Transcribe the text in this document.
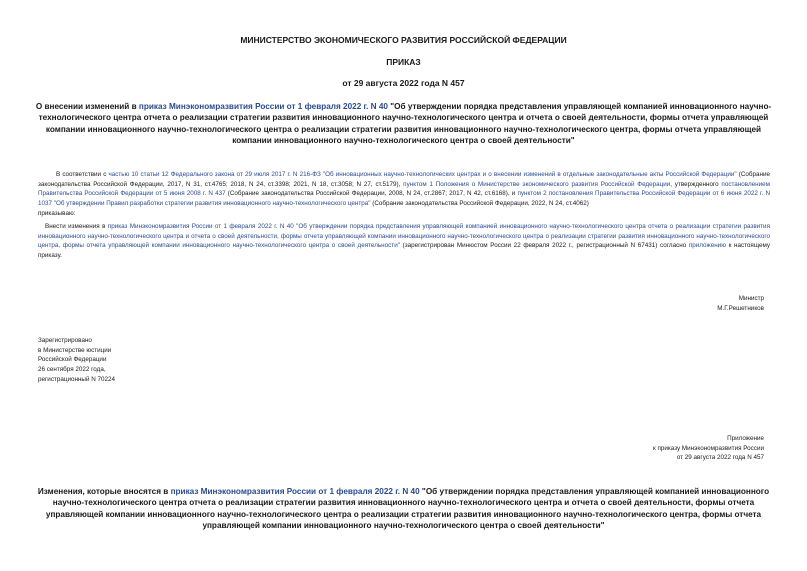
МИНИСТЕРСТВО ЭКОНОМИЧЕСКОГО РАЗВИТИЯ РОССИЙСКОЙ ФЕДЕРАЦИИ
ПРИКАЗ
от 29 августа 2022 года N 457
О внесении изменений в приказ Минэкономразвития России от 1 февраля 2022 г. N 40 "Об утверждении порядка представления управляющей компанией инновационного научно-технологического центра отчета о реализации стратегии развития инновационного научно-технологического центра и отчета о своей деятельности, формы отчета управляющей компании инновационного научно-технологического центра о реализации стратегии развития инновационного научно-технологического центра, формы отчета управляющей компании инновационного научно-технологического центра о своей деятельности"
В соответствии с частью 10 статьи 12 Федерального закона от 29 июля 2017 г. N 216-ФЗ "Об инновационных научно-технологических центрах и о внесении изменений в отдельные законодательные акты Российской Федерации" (Собрание законодательства Российской Федерации, 2017, N 31, ст.4765; 2018, N 24, ст.3398; 2021, N 18, ст.3058; N 27, ст.5179), пунктом 1 Положения о Министерстве экономического развития Российской Федерации, утвержденного постановлением Правительства Российской Федерации от 5 июня 2008 г. N 437 (Собрание законодательства Российской Федерации, 2008, N 24, ст.2867; 2017, N 42, ст.6168), и пунктом 2 постановления Правительства Российской Федерации от 6 июня 2022 г. N 1037 "Об утверждении Правил разработки стратегии развития инновационного научно-технологического центра" (Собрание законодательства Российской Федерации, 2022, N 24, ст.4062)
приказываю:
Внести изменения в приказ Минэкономразвития России от 1 февраля 2022 г. N 40 "Об утверждении порядка представления управляющей компанией инновационного научно-технологического центра отчета о реализации стратегии развития инновационного научно-технологического центра и отчета о своей деятельности, формы отчета управляющей компании инновационного научно-технологического центра о реализации стратегии развития инновационного научно-технологического центра, формы отчета управляющей компании инновационного научно-технологического центра о своей деятельности" (зарегистрирован Минюстом России 22 февраля 2022 г., регистрационный N 67431) согласно приложению к настоящему приказу.
Министр
М.Г.Решетников
Зарегистрировано
в Министерстве юстиции
Российской Федерации
26 сентября 2022 года,
регистрационный N 70224
Приложение
к приказу Минэкономразвития России
от 29 августа 2022 года N 457
Изменения, которые вносятся в приказ Минэкономразвития России от 1 февраля 2022 г. N 40 "Об утверждении порядка представления управляющей компанией инновационного научно-технологического центра отчета о реализации стратегии развития инновационного научно-технологического центра и отчета о своей деятельности, формы отчета управляющей компании инновационного научно-технологического центра о реализации стратегии развития инновационного научно-технологического центра, формы отчета управляющей компании инновационного научно-технологического центра о своей деятельности"
